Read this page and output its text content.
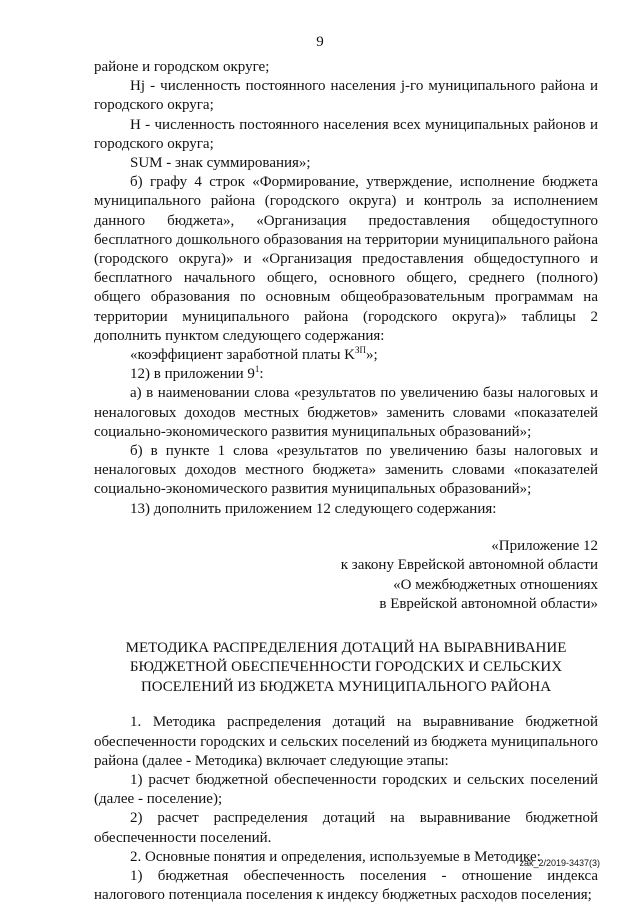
9

районе и городском округе;

Hj - численность постоянного населения j-го муниципального района и городского округа;

H - численность постоянного населения всех муниципальных районов и городского округа;

SUM - знак суммирования»;

б) графу 4 строк «Формирование, утверждение, исполнение бюджета муниципального района (городского округа) и контроль за исполнением данного бюджета», «Организация предоставления общедоступного бесплатного дошкольного образования на территории муниципального района (городского округа)» и «Организация предоставления общедоступного и бесплатного начального общего, основного общего, среднего (полного) общего образования по основным общеобразовательным программам на территории муниципального района (городского округа)» таблицы 2 дополнить пунктом следующего содержания:

«коэффициент заработной платы $K^{ЗП}$»;

12) в приложении $9^1$:

а) в наименовании слова «результатов по увеличению базы налоговых и неналоговых доходов местных бюджетов» заменить словами «показателей социально-экономического развития муниципальных образований»;

б) в пункте 1 слова «результатов по увеличению базы налоговых и неналоговых доходов местного бюджета» заменить словами «показателей социально-экономического развития муниципальных образований»;

13) дополнить приложением 12 следующего содержания:

«Приложение 12

к закону Еврейской автономной области

«О межбюджетных отношениях

в Еврейской автономной области»

МЕТОДИКА РАСПРЕДЕЛЕНИЯ ДОТАЦИЙ НА ВЫРАВНИВАНИЕ
БЮДЖЕТНОЙ ОБЕСПЕЧЕННОСТИ ГОРОДСКИХ И СЕЛЬСКИХ
ПОСЕЛЕНИЙ ИЗ БЮДЖЕТА МУНИЦИПАЛЬНОГО РАЙОНА

1. Методика распределения дотаций на выравнивание бюджетной обеспеченности городских и сельских поселений из бюджета муниципального района (далее - Методика) включает следующие этапы:

1) расчет бюджетной обеспеченности городских и сельских поселений (далее - поселение);

2) расчет распределения дотаций на выравнивание бюджетной обеспеченности поселений.

2. Основные понятия и определения, используемые в Методике:

1) бюджетная обеспеченность поселения - отношение индекса налогового потенциала поселения к индексу бюджетных расходов поселения;

zak_2/2019-3437(3)
